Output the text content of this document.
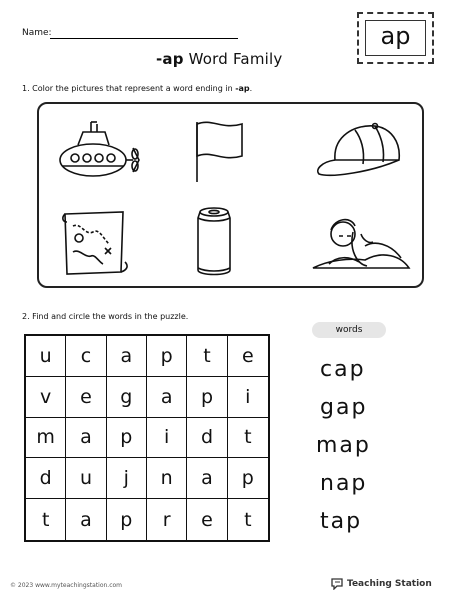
Name:
-ap Word Family
ap
1. Color the pictures that represent a word ending in -ap.
2. Find and circle the words in the puzzle.
u	c	a	p	t	e
v	e	g	a	p	i
m	a	p	i	d	t
d	u	j	n	a	p
t	a	p	r	e	t
words
cap
gap
map
nap
tap
© 2023 www.myteachingstation.com	Teaching Station
